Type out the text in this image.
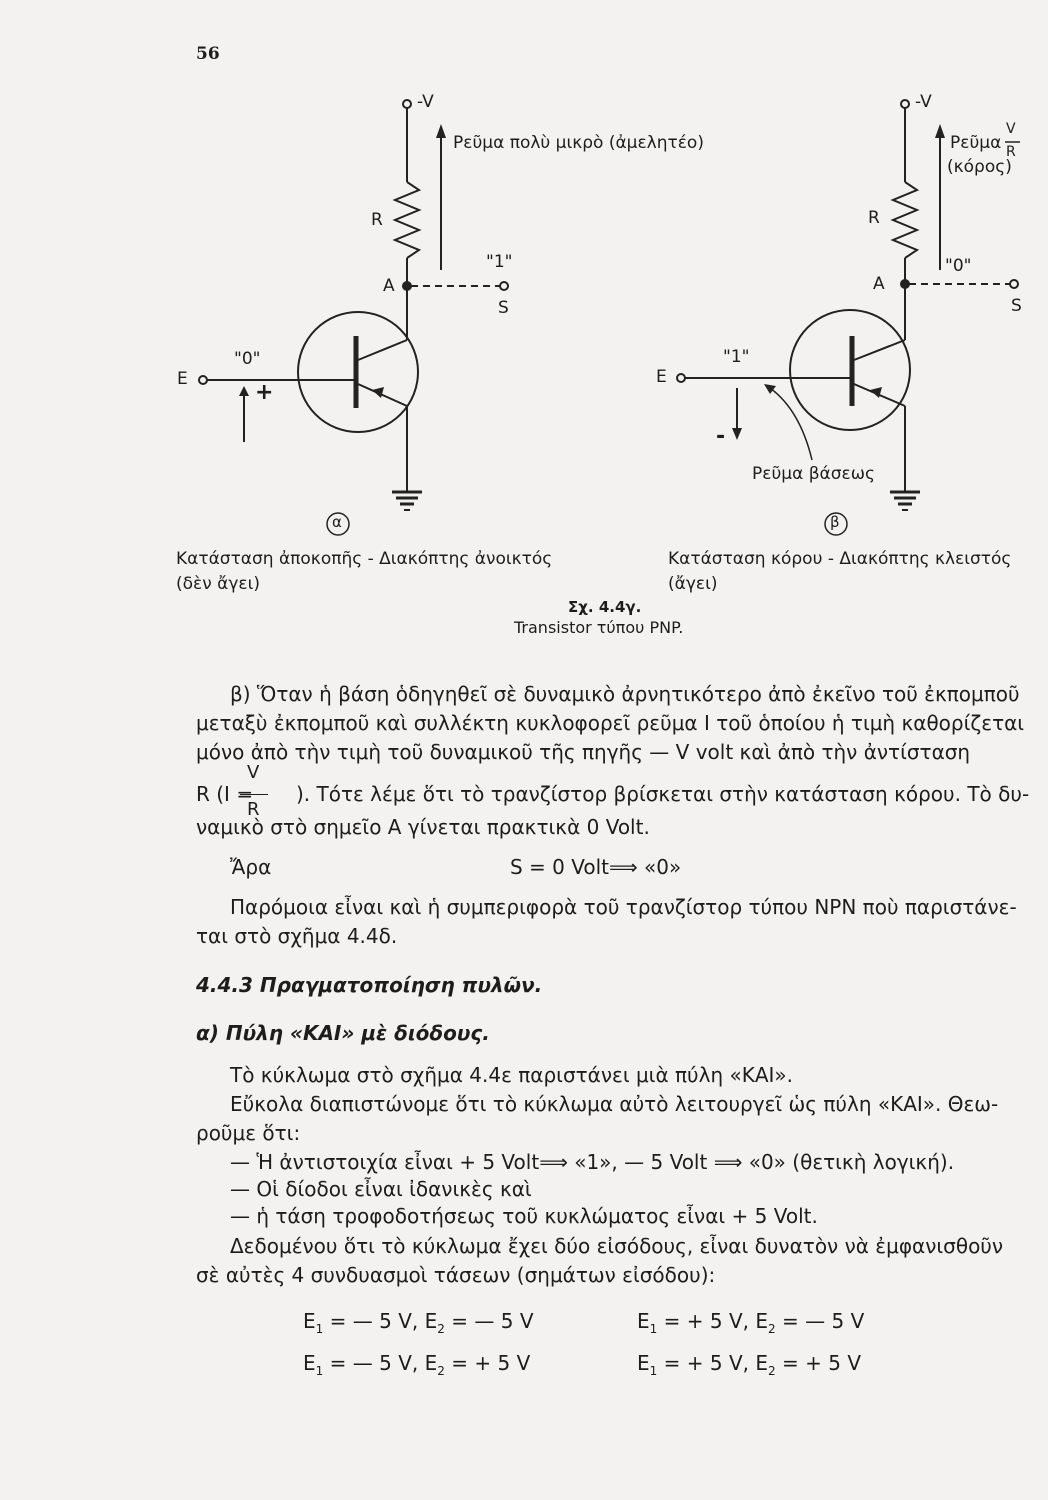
56
-V
Ρεῦμα πολὺ μικρὸ (ἀμελητέο)
R
"1"
A
S
E
"0"
+
α
Κατάσταση ἀποκοπῆς - Διακόπτης ἀνοικτός
(δὲν ἄγει)
-V
Ρεῦμα
V
R
(κόρος)
R
"0"
A
S
E
"1"
-
Ρεῦμα βάσεως
β
Κατάσταση κόρου - Διακόπτης κλειστός
(ἄγει)
Σχ. 4.4γ.
Transistor τύπου PNP.
β) Ὅταν ἡ βάση ὁδηγηθεῖ σὲ δυναμικὸ ἀρνητικότερο ἀπὸ ἐκεῖνο τοῦ ἐκπομποῦ
μεταξὺ ἐκπομποῦ καὶ συλλέκτη κυκλοφορεῖ ρεῦμα I τοῦ ὁποίου ἡ τιμὴ καθορίζεται
μόνο ἀπὸ τὴν τιμὴ τοῦ δυναμικοῦ τῆς πηγῆς — V volt καὶ ἀπὸ τὴν ἀντίσταση
V
R (I =
R
). Τότε λέμε ὅτι τὸ τρανζίστορ βρίσκεται στὴν κατάσταση κόρου. Τὸ δυ-
ναμικὸ στὸ σημεῖο Α γίνεται πρακτικὰ 0 Volt.
Ἄρα	S = 0 Volt⟹ «0»
Παρόμοια εἶναι καὶ ἡ συμπεριφορὰ τοῦ τρανζίστορ τύπου NPN ποὺ παριστάνε-
ται στὸ σχῆμα 4.4δ.
4.4.3 Πραγματοποίηση πυλῶν.
α) Πύλη «ΚΑΙ» μὲ διόδους.
Τὸ κύκλωμα στὸ σχῆμα 4.4ε παριστάνει μιὰ πύλη «ΚΑΙ».
Εὔκολα διαπιστώνομε ὅτι τὸ κύκλωμα αὐτὸ λειτουργεῖ ὡς πύλη «ΚΑΙ». Θεω-
ροῦμε ὅτι:
— Ἡ ἀντιστοιχία εἶναι + 5 Volt⟹ «1», — 5 Volt ⟹ «0» (θετικὴ λογική).
— Οἱ δίοδοι εἶναι ἰδανικὲς καὶ
— ἡ τάση τροφοδοτήσεως τοῦ κυκλώματος εἶναι + 5 Volt.
Δεδομένου ὅτι τὸ κύκλωμα ἔχει δύο εἰσόδους, εἶναι δυνατὸν νὰ ἐμφανισθοῦν
σὲ αὐτὲς 4 συνδυασμοὶ τάσεων (σημάτων εἰσόδου):
$E_1$ = — 5 V, $E_2$ = — 5 V	$E_1$ = + 5 V, $E_2$ = — 5 V
$E_1$ = — 5 V, $E_2$ = + 5 V	$E_1$ = + 5 V, $E_2$ = + 5 V
